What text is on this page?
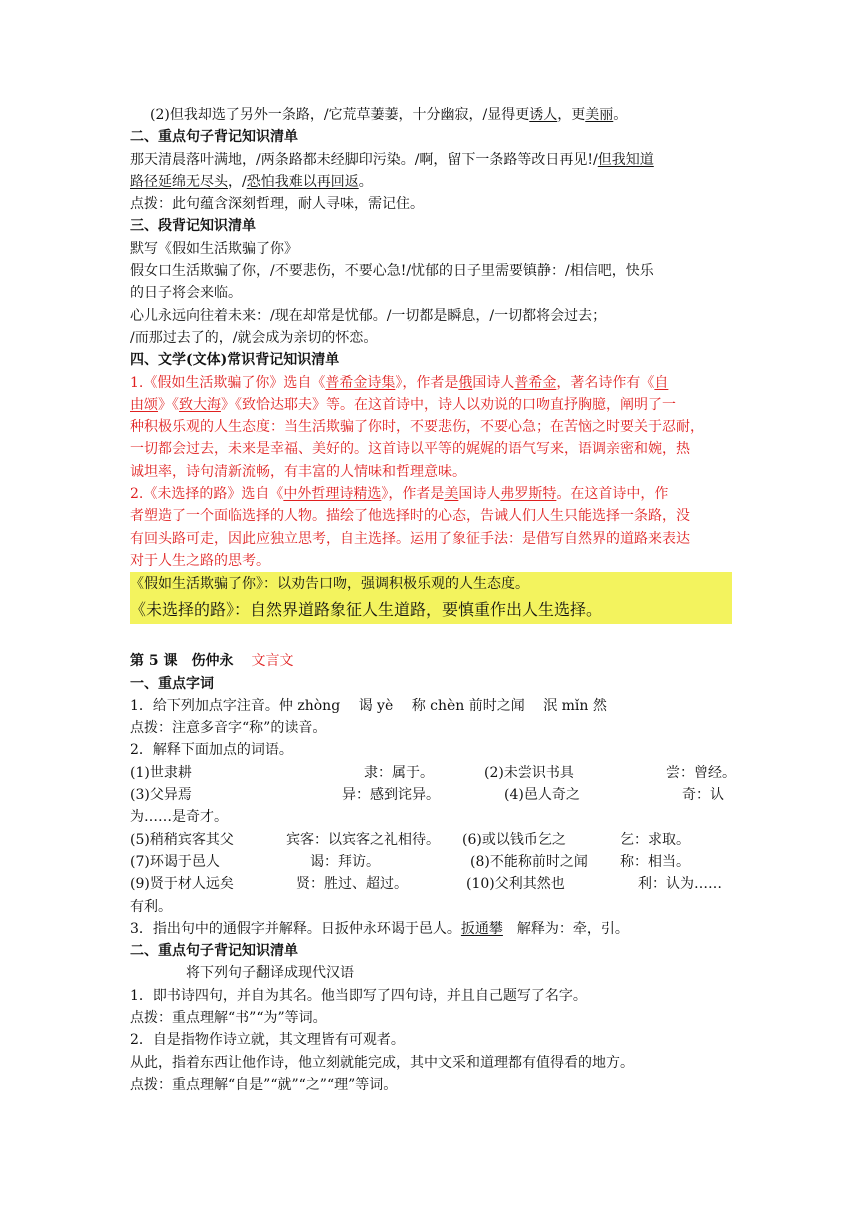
(2)但我却选了另外一条路，/它荒草萋萋，十分幽寂，/显得更诱人，更美丽。
二、重点句子背记知识清单
那天清晨落叶满地，/两条路都未经脚印污染。/啊，留下一条路等改日再见!/但我知道
路径延绵无尽头，/恐怕我难以再回返。
点拨：此句蕴含深刻哲理，耐人寻味，需记住。
三、段背记知识清单
默写《假如生活欺骗了你》
假女口生活欺骗了你，/不要悲伤，不要心急!/忧郁的日子里需要镇静：/相信吧，快乐
的日子将会来临。
心儿永远向往着未来：/现在却常是忧郁。/一切都是瞬息，/一切都将会过去；
/而那过去了的，/就会成为亲切的怀恋。
四、文学(文体)常识背记知识清单
1.《假如生活欺骗了你》选自《普希金诗集》，作者是俄国诗人普希金，著名诗作有《自
由颂》《致大海》《致恰达耶夫》等。在这首诗中，诗人以劝说的口吻直抒胸臆，阐明了一
种积极乐观的人生态度：当生活欺骗了你时，不要悲伤，不要心急；在苦恼之时要关于忍耐，
一切都会过去，未来是幸福、美好的。这首诗以平等的娓娓的语气写来，语调亲密和婉，热
诚坦率，诗句清新流畅，有丰富的人情味和哲理意味。
2.《未选择的路》选自《中外哲理诗精选》，作者是美国诗人弗罗斯特。在这首诗中，作
者塑造了一个面临选择的人物。描绘了他选择时的心态，告诫人们人生只能选择一条路，没
有回头路可走，因此应独立思考，自主选择。运用了象征手法：是借写自然界的道路来表达
对于人生之路的思考。
《假如生活欺骗了你》：以劝告口吻，强调积极乐观的人生态度。
《未选择的路》：自然界道路象征人生道路，要慎重作出人生选择。
第 5 课　伤仲永 文言文
一、重点字词
1．给下列加点字注音。仲 zhòng　 谒 yè　 称 chèn 前时之闻　 泯 mǐn 然
点拨：注意多音字“称”的读音。
2．解释下面加点的词语。
(1)世隶耕	隶：属于。	(2)未尝识书具	尝：曾经。
(3)父异焉	异：感到诧异。	(4)邑人奇之	奇：认
为……是奇才。
(5)稍稍宾客其父	宾客：以宾客之礼相待。 (6)或以钱币乞之	乞：求取。
(7)环谒于邑人	谒：拜访。	(8)不能称前时之闻 称：相当。
(9)贤于材人远矣	贤：胜过、超过。	(10)父利其然也	利：认为……
有利。
3．指出句中的通假字并解释。日扳仲永环谒于邑人。扳通攀　解释为：牵，引。
二、重点句子背记知识清单
将下列句子翻译成现代汉语
1．即书诗四句，并自为其名。他当即写了四句诗，并且自己题写了名字。
点拨：重点理解“书”“为”等词。
2．自是指物作诗立就，其文理皆有可观者。
从此，指着东西让他作诗，他立刻就能完成，其中文采和道理都有值得看的地方。
点拨：重点理解“自是”“就”“之”“理”等词。
